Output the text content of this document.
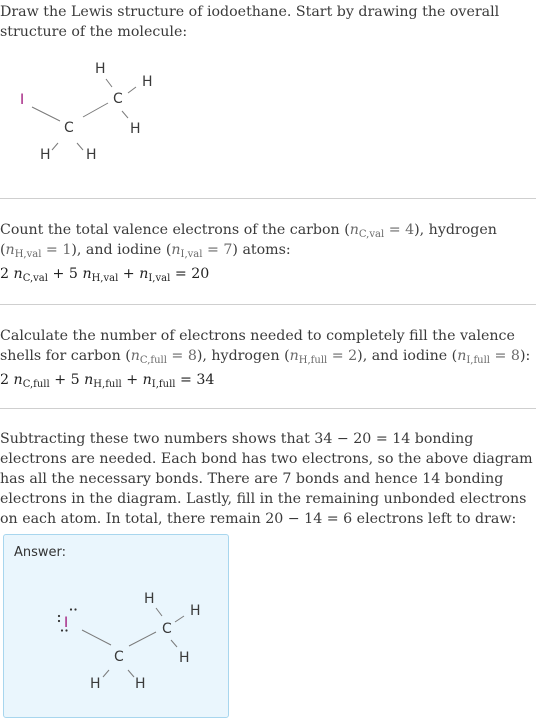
Draw the Lewis structure of iodoethane. Start by drawing the overall structure of the molecule:

I
C
C
H
H
H
H	H

Count the total valence electrons of the carbon $(n_{C,val} = 4)$, hydrogen $(n_{H,val} = 1)$, and iodine $(n_{I,val} = 7)$ atoms:

2 $n_{C,val} + 5$ $n_{H,val} + n_{I,val} = 20$

Calculate the number of electrons needed to completely fill the valence shells for carbon $(n_{C,full} = 8)$, hydrogen $(n_{H,full} = 2)$, and iodine $(n_{I,full} = 8)$:

2 $n_{C,full} + 5$ $n_{H,full} + n_{I,full} = 34$

Subtracting these two numbers shows that 34 − 20 = 14 bonding electrons are needed. Each bond has two electrons, so the above diagram has all the necessary bonds. There are 7 bonds and hence 14 bonding electrons in the diagram. Lastly, fill in the remaining unbonded electrons on each atom. In total, there remain 20 − 14 = 6 electrons left to draw:

Answer:
I
C
C
H
H
H
H H
